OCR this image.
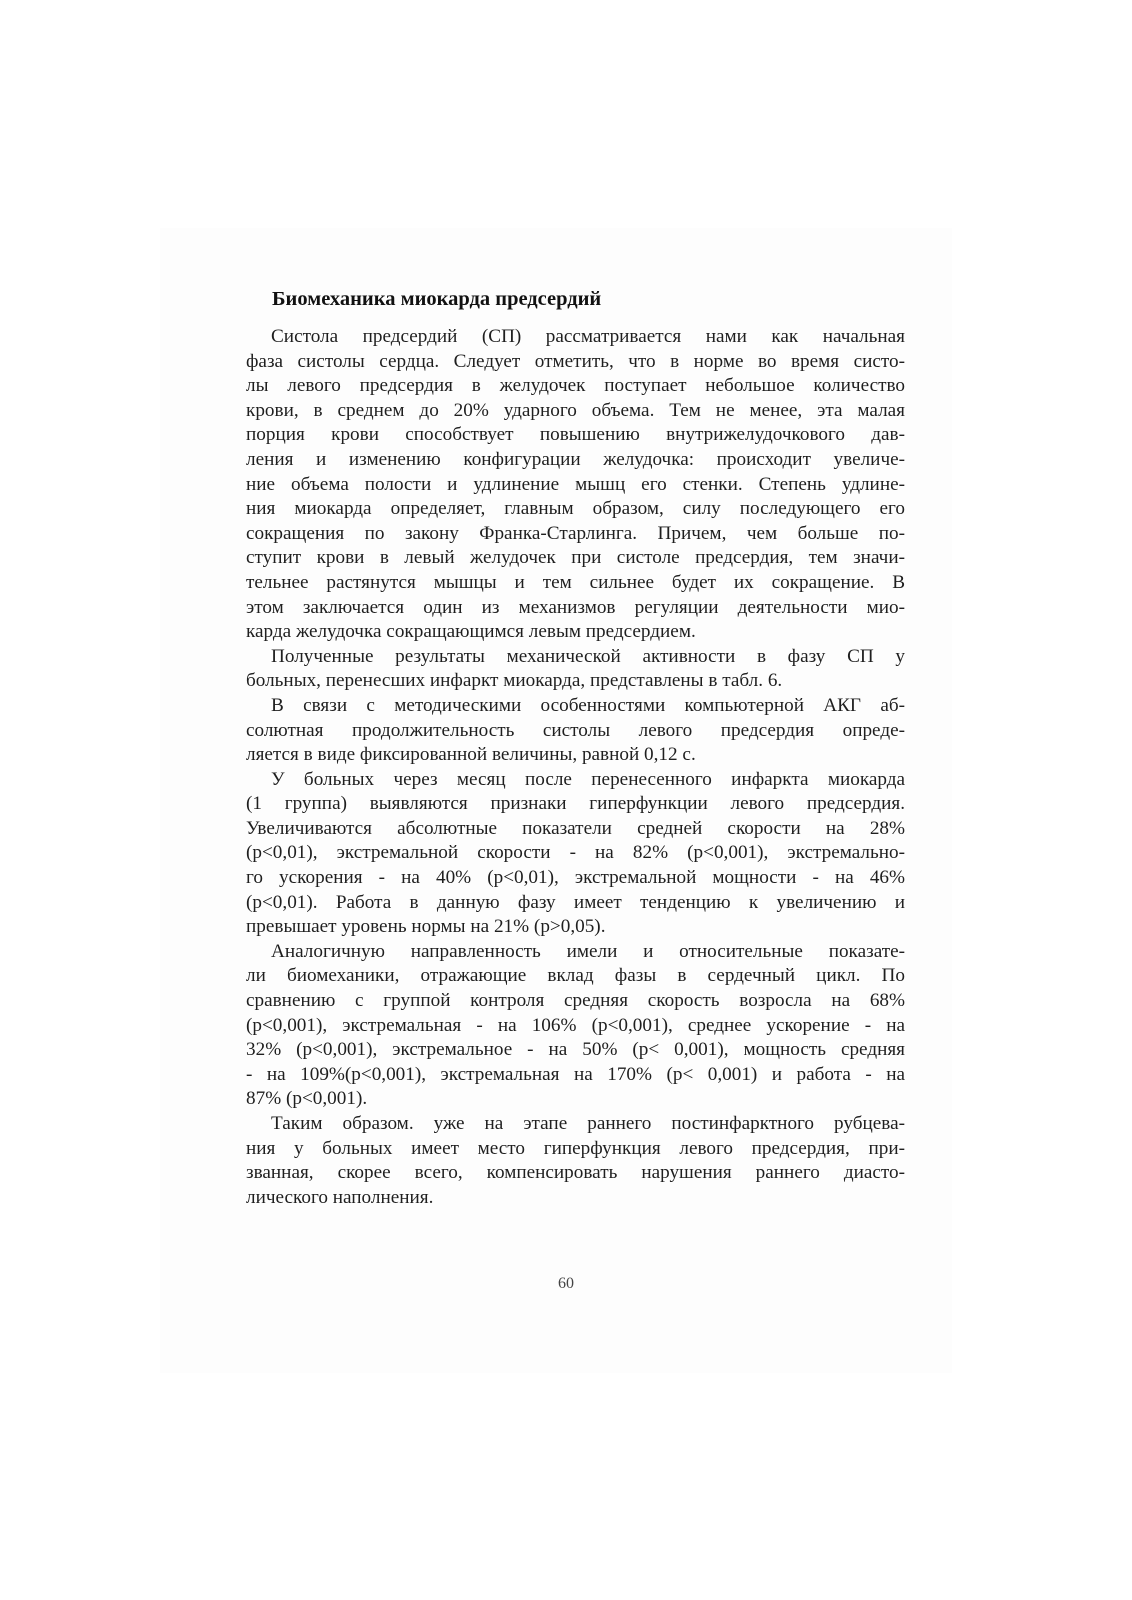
Биомеханика миокарда предсердий

Систола предсердий (СП) рассматривается нами как начальная
фаза систолы сердца. Следует отметить, что в норме во время систо-
лы левого предсердия в желудочек поступает небольшое количество
крови, в среднем до 20% ударного объема. Тем не менее, эта малая
порция крови способствует повышению внутрижелудочкового дав-
ления и изменению конфигурации желудочка: происходит увеличе-
ние объема полости и удлинение мышц его стенки. Степень удлине-
ния миокарда определяет, главным образом, силу последующего его
сокращения по закону Франка-Старлинга. Причем, чем больше по-
ступит крови в левый желудочек при систоле предсердия, тем значи-
тельнее растянутся мышцы и тем сильнее будет их сокращение. В
этом заключается один из механизмов регуляции деятельности мио-
карда желудочка сокращающимся левым предсердием.

Полученные результаты механической активности в фазу СП у
больных, перенесших инфаркт миокарда, представлены в табл. 6.

В связи с методическими особенностями компьютерной АКГ аб-
солютная продолжительность систолы левого предсердия опреде-
ляется в виде фиксированной величины, равной 0,12 с.

У больных через месяц после перенесенного инфаркта миокарда
(1 группа) выявляются признаки гиперфункции левого предсердия.
Увеличиваются абсолютные показатели средней скорости на 28%
(р<0,01), экстремальной скорости - на 82% (р<0,001), экстремально-
го ускорения - на 40% (р<0,01), экстремальной мощности - на 46%
(р<0,01). Работа в данную фазу имеет тенденцию к увеличению и
превышает уровень нормы на 21% (р>0,05).

Аналогичную направленность имели и относительные показате-
ли биомеханики, отражающие вклад фазы в сердечный цикл. По
сравнению с группой контроля средняя скорость возросла на 68%
(р<0,001), экстремальная - на 106% (р<0,001), среднее ускорение - на
32% (р<0,001), экстремальное - на 50% (р< 0,001), мощность средняя
- на 109%(р<0,001), экстремальная на 170% (р< 0,001) и работа - на
87% (р<0,001).

Таким образом. уже на этапе раннего постинфарктного рубцева-
ния у больных имеет место гиперфункция левого предсердия, при-
званная, скорее всего, компенсировать нарушения раннего диасто-
лического наполнения.

60
